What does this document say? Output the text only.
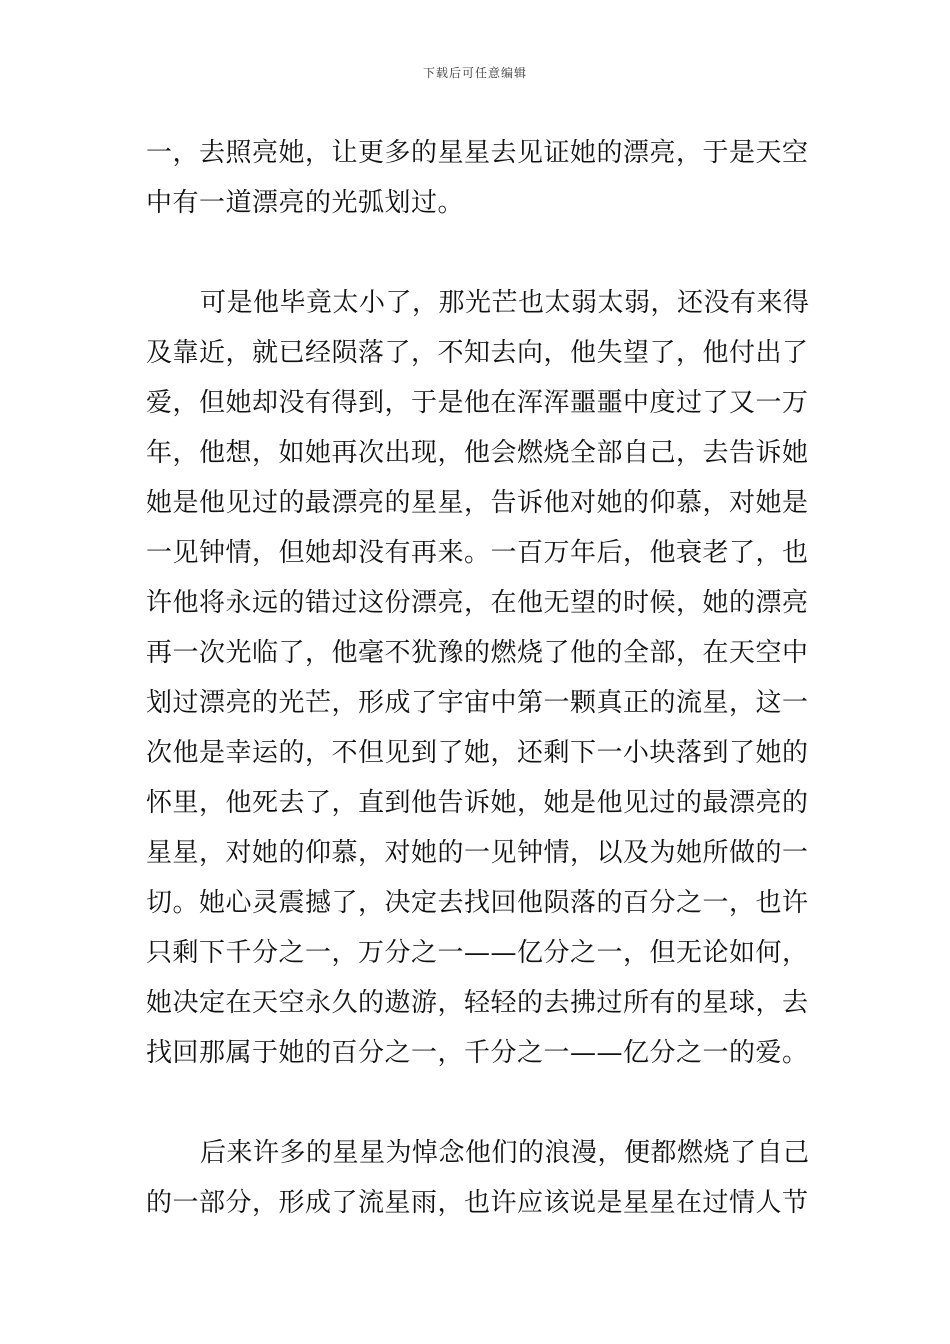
下载后可任意编辑
一，去照亮她，让更多的星星去见证她的漂亮，于是天空
中有一道漂亮的光弧划过。
可是他毕竟太小了，那光芒也太弱太弱，还没有来得
及靠近，就已经陨落了，不知去向，他失望了，他付出了
爱，但她却没有得到，于是他在浑浑噩噩中度过了又一万
年，他想，如她再次出现，他会燃烧全部自己，去告诉她
她是他见过的最漂亮的星星，告诉他对她的仰慕，对她是
一见钟情，但她却没有再来。一百万年后，他衰老了，也
许他将永远的错过这份漂亮，在他无望的时候，她的漂亮
再一次光临了，他毫不犹豫的燃烧了他的全部，在天空中
划过漂亮的光芒，形成了宇宙中第一颗真正的流星，这一
次他是幸运的，不但见到了她，还剩下一小块落到了她的
怀里，他死去了，直到他告诉她，她是他见过的最漂亮的
星星，对她的仰慕，对她的一见钟情，以及为她所做的一
切。她心灵震撼了，决定去找回他陨落的百分之一，也许
只剩下千分之一，万分之一——亿分之一，但无论如何，
她决定在天空永久的遨游，轻轻的去拂过所有的星球，去
找回那属于她的百分之一，千分之一——亿分之一的爱。
后来许多的星星为悼念他们的浪漫，便都燃烧了自己
的一部分，形成了流星雨，也许应该说是星星在过情人节
